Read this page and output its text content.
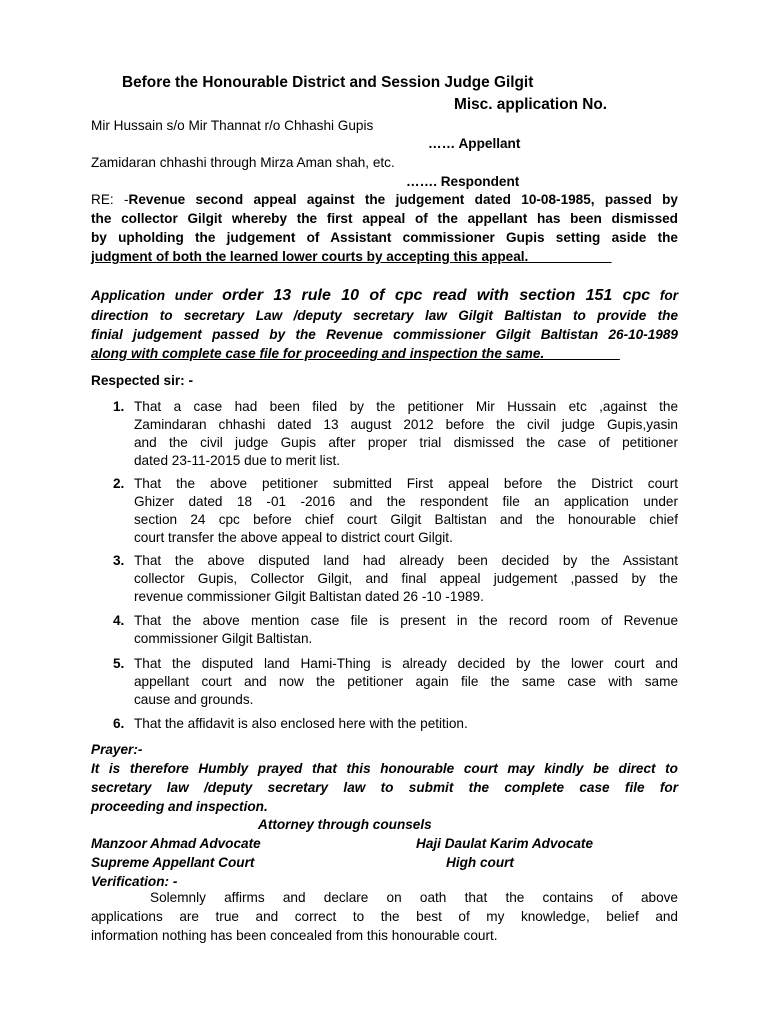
Before the Honourable District and Session Judge Gilgit
Misc. application No.
Mir Hussain s/o Mir Thannat r/o Chhashi Gupis
…… Appellant
Zamidaran chhashi through Mirza Aman shah, etc.
……. Respondent
RE: -Revenue second appeal against the judgement dated 10-08-1985, passed by
the collector Gilgit whereby the first appeal of the appellant has been dismissed
by upholding the judgement of Assistant commissioner Gupis setting aside the
judgment of both the learned lower courts by accepting this appeal.___________
Application under order 13 rule 10 of cpc read with section 151 cpc for
direction to secretary Law /deputy secretary law Gilgit Baltistan to provide the
finial judgement passed by the Revenue commissioner Gilgit Baltistan 26-10-1989
along with complete case file for proceeding and inspection the same.__________
Respected sir: -
1. That a case had been filed by the petitioner Mir Hussain etc ,against the
Zamindaran chhashi dated 13 august 2012 before the civil judge Gupis,yasin
and the civil judge Gupis after proper trial dismissed the case of petitioner
dated 23-11-2015 due to merit list.
2. That the above petitioner submitted First appeal before the District court
Ghizer dated 18 -01 -2016 and the respondent file an application under
section 24 cpc before chief court Gilgit Baltistan and the honourable chief
court transfer the above appeal to district court Gilgit.
3. That the above disputed land had already been decided by the Assistant
collector Gupis, Collector Gilgit, and final appeal judgement ,passed by the
revenue commissioner Gilgit Baltistan dated 26 -10 -1989.
4. That the above mention case file is present in the record room of Revenue
commissioner Gilgit Baltistan.
5. That the disputed land Hami-Thing is already decided by the lower court and
appellant court and now the petitioner again file the same case with same
cause and grounds.
6. That the affidavit is also enclosed here with the petition.
Prayer:-
It is therefore Humbly prayed that this honourable court may kindly be direct to
secretary law /deputy secretary law to submit the complete case file for
proceeding and inspection.
Attorney through counsels
Manzoor Ahmad Advocate	Haji Daulat Karim Advocate
Supreme Appellant Court	High court
Verification: -
Solemnly affirms and declare on oath that the contains of above
applications are true and correct to the best of my knowledge, belief and
information nothing has been concealed from this honourable court.
